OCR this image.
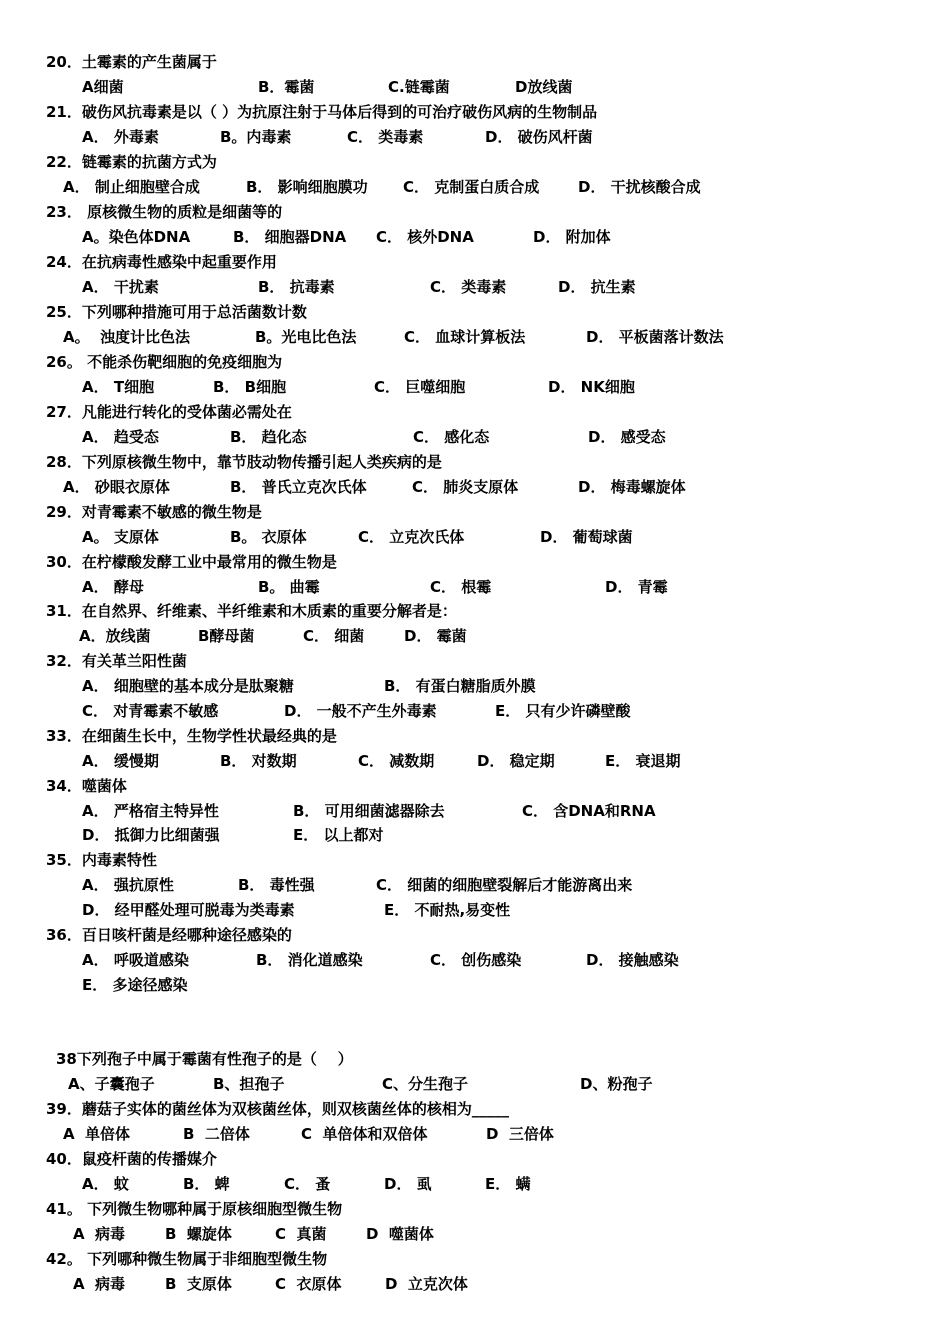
20．土霉素的产生菌属于

A细菌

	B．霉菌

	C.链霉菌

	D放线菌

21．破伤风抗毒素是以（ ）为抗原注射于马体后得到的可治疗破伤风病的生物制品

A． 外毒素

	B。内毒素

	C． 类毒素

	D． 破伤风杆菌

22．链霉素的抗菌方式为

A． 制止细胞壁合成

	B． 影响细胞膜功

C． 克制蛋白质合成

	D． 干扰核酸合成

23． 原核微生物的质粒是细菌等的

A。染色体DNA

	B． 细胞器DNA

C． 核外DNA

	D． 附加体

24．在抗病毒性感染中起重要作用

A． 干扰素

	B． 抗毒素

	C． 类毒素

	D． 抗生素

25．下列哪种措施可用于总活菌数计数

A。  浊度计比色法

	B。光电比色法

	C． 血球计算板法

	D． 平板菌落计数法

26。 不能杀伤靶细胞的免疫细胞为

A． T细胞

	B． B细胞

	C． 巨噬细胞

	D． NK细胞

27．凡能进行转化的受体菌必需处在

A． 趋受态

	B． 趋化态

	C． 感化态

	D． 感受态

28．下列原核微生物中，靠节肢动物传播引起人类疾病的是

A． 砂眼衣原体

	B． 普氏立克次氏体

	C． 肺炎支原体

	D． 梅毒螺旋体

29．对青霉素不敏感的微生物是

A。 支原体

	B。 衣原体

	C． 立克次氏体

	D． 葡萄球菌

30．在柠檬酸发酵工业中最常用的微生物是

A． 酵母

	B。 曲霉

	C． 根霉

	D． 青霉

31．在自然界、纤维素、半纤维素和木质素的重要分解者是：

A．放线菌

	B酵母菌

	C． 细菌

	D． 霉菌

32．有关革兰阳性菌

A． 细胞壁的基本成分是肽聚糖

	B． 有蛋白糖脂质外膜

C． 对青霉素不敏感

	D． 一般不产生外毒素

	E． 只有少许磷壁酸

33．在细菌生长中，生物学性状最经典的是

A． 缓慢期

	B． 对数期

	C． 减数期

	D． 稳定期

	E． 衰退期

34．噬菌体

A． 严格宿主特异性

	B． 可用细菌滤器除去

	C． 含DNA和RNA

D． 抵御力比细菌强

	E． 以上都对

35．内毒素特性

A． 强抗原性

	B． 毒性强

	C． 细菌的细胞壁裂解后才能游离出来

D． 经甲醛处理可脱毒为类毒素

	E． 不耐热,易变性

36．百日咳杆菌是经哪种途径感染的

A． 呼吸道感染

	B． 消化道感染

	C． 创伤感染

	D． 接触感染

E． 多途径感染

38下列孢子中属于霉菌有性孢子的是（    ）

A、子囊孢子

	B、担孢子

	C、分生孢子

	D、粉孢子

39．蘑菇子实体的菌丝体为双核菌丝体，则双核菌丝体的核相为_____

A  单倍体

	B  二倍体

	C  单倍体和双倍体

	D  三倍体

40．鼠疫杆菌的传播媒介

A． 蚊

	B． 蜱

	C． 蚤

	D． 虱

	E． 螨

41。 下列微生物哪种属于原核细胞型微生物

A  病毒

	B  螺旋体

	C  真菌

	D  噬菌体

42。 下列哪种微生物属于非细胞型微生物

A  病毒

	B  支原体

	C  衣原体

	D  立克次体
